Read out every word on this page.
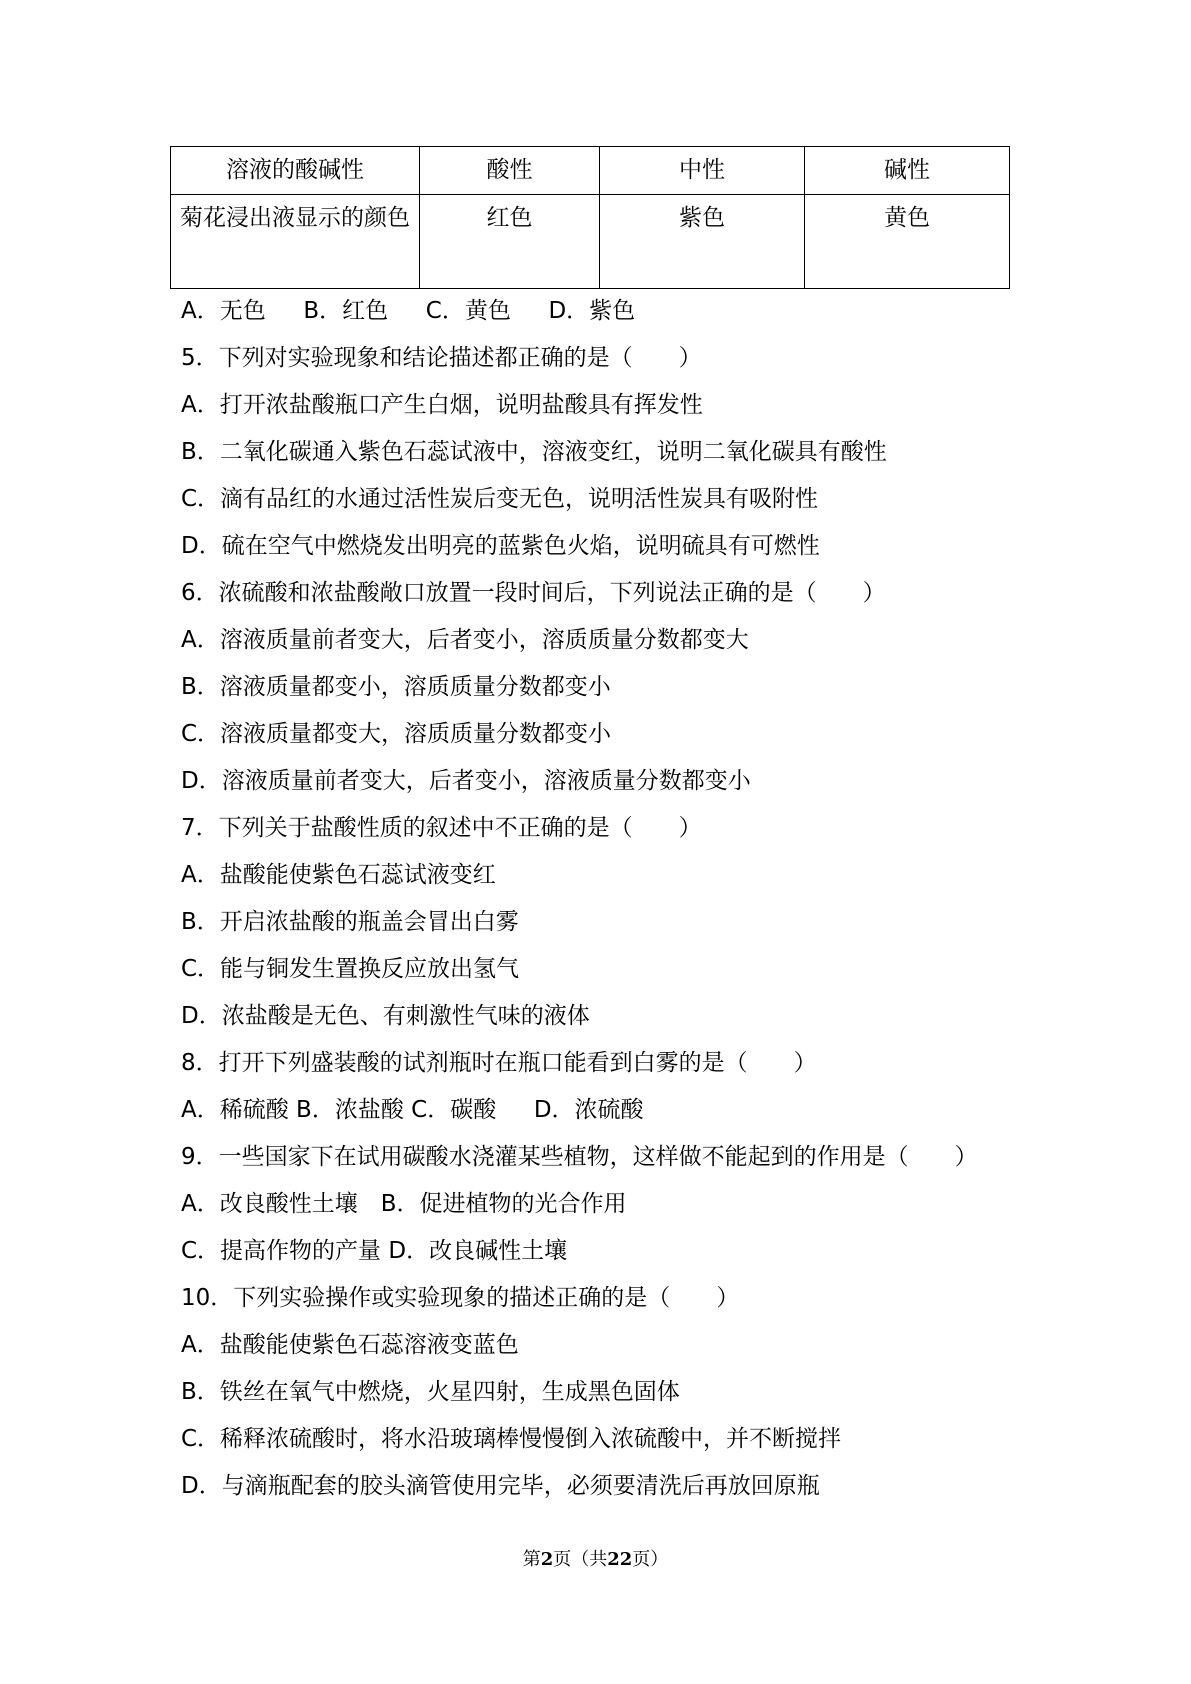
溶液的酸碱性	酸性	中性	碱性
菊花浸出液显示的颜色	红色	紫色	黄色
A．无色　  B．红色　  C．黄色　  D．紫色
5．下列对实验现象和结论描述都正确的是（　　）
A．打开浓盐酸瓶口产生白烟，说明盐酸具有挥发性
B．二氧化碳通入紫色石蕊试液中，溶液变红，说明二氧化碳具有酸性
C．滴有品红的水通过活性炭后变无色，说明活性炭具有吸附性
D．硫在空气中燃烧发出明亮的蓝紫色火焰，说明硫具有可燃性
6．浓硫酸和浓盐酸敞口放置一段时间后，下列说法正确的是（　　）
A．溶液质量前者变大，后者变小，溶质质量分数都变大
B．溶液质量都变小，溶质质量分数都变小
C．溶液质量都变大，溶质质量分数都变小
D．溶液质量前者变大，后者变小，溶液质量分数都变小
7．下列关于盐酸性质的叙述中不正确的是（　　）
A．盐酸能使紫色石蕊试液变红
B．开启浓盐酸的瓶盖会冒出白雾
C．能与铜发生置换反应放出氢气
D．浓盐酸是无色、有刺激性气味的液体
8．打开下列盛装酸的试剂瓶时在瓶口能看到白雾的是（　　）
A．稀硫酸 B．浓盐酸 C．碳酸　  D．浓硫酸
9．一些国家下在试用碳酸水浇灌某些植物，这样做不能起到的作用是（　　）
A．改良酸性土壤　B．促进植物的光合作用
C．提高作物的产量 D．改良碱性土壤
10．下列实验操作或实验现象的描述正确的是（　　）
A．盐酸能使紫色石蕊溶液变蓝色
B．铁丝在氧气中燃烧，火星四射，生成黑色固体
C．稀释浓硫酸时，将水沿玻璃棒慢慢倒入浓硫酸中，并不断搅拌
D．与滴瓶配套的胶头滴管使用完毕，必须要清洗后再放回原瓶
第2页（共22页）
